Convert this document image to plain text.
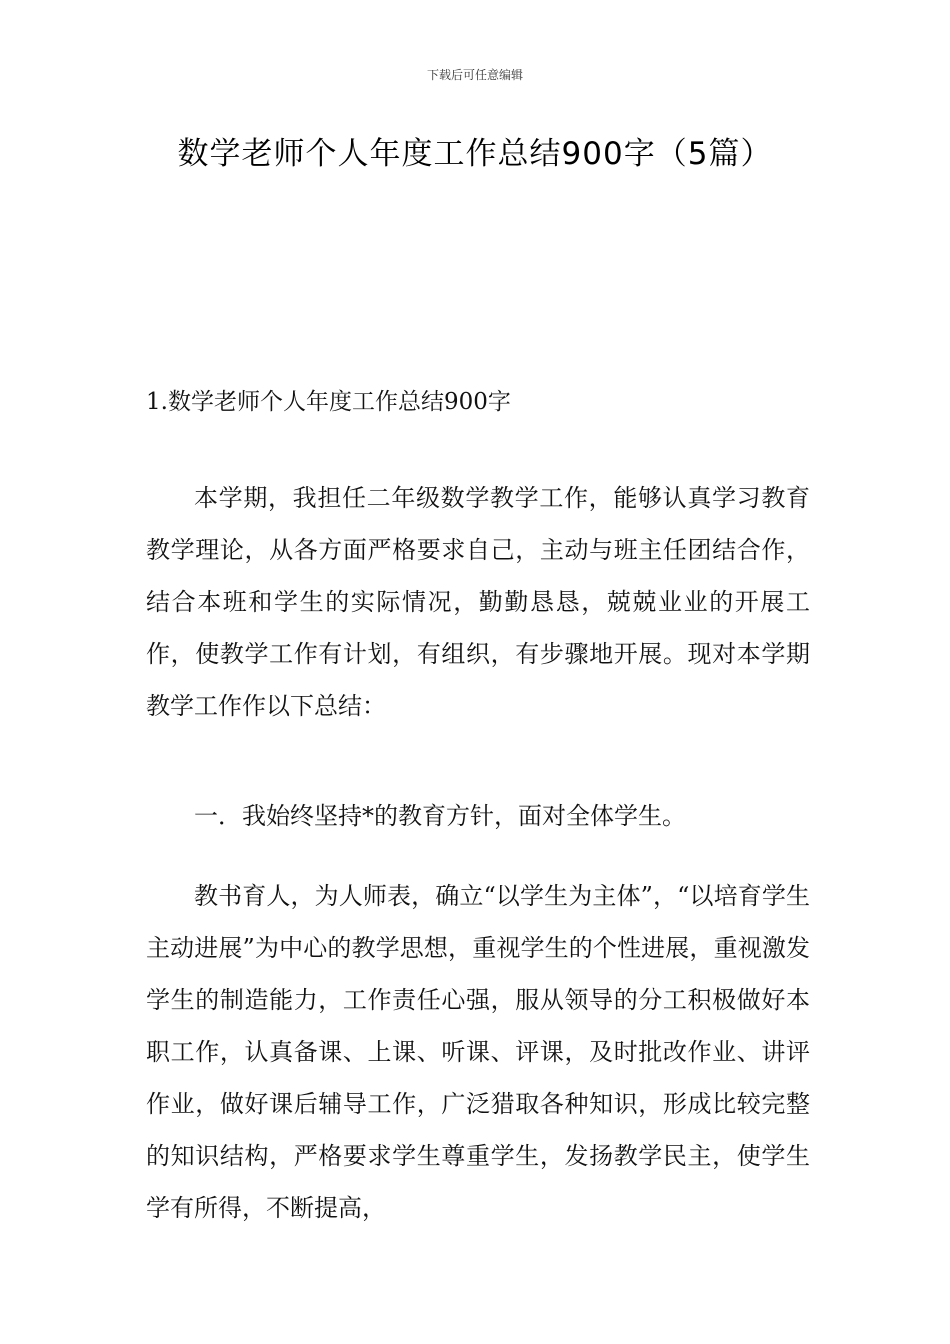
下载后可任意编辑
数学老师个人年度工作总结900字（5篇）
1.数学老师个人年度工作总结900字
本学期，我担任二年级数学教学工作，能够认真学习教育教学理论，从各方面严格要求自己，主动与班主任团结合作，结合本班和学生的实际情况，勤勤恳恳，兢兢业业的开展工作，使教学工作有计划，有组织，有步骤地开展。现对本学期教学工作作以下总结：
一．我始终坚持*的教育方针，面对全体学生。
教书育人，为人师表，确立“以学生为主体”，“以培育学生主动进展”为中心的教学思想，重视学生的个性进展，重视激发学生的制造能力，工作责任心强，服从领导的分工积极做好本职工作，认真备课、上课、听课、评课，及时批改作业、讲评作业，做好课后辅导工作，广泛猎取各种知识，形成比较完整的知识结构，严格要求学生尊重学生，发扬教学民主，使学生学有所得，不断提高，
